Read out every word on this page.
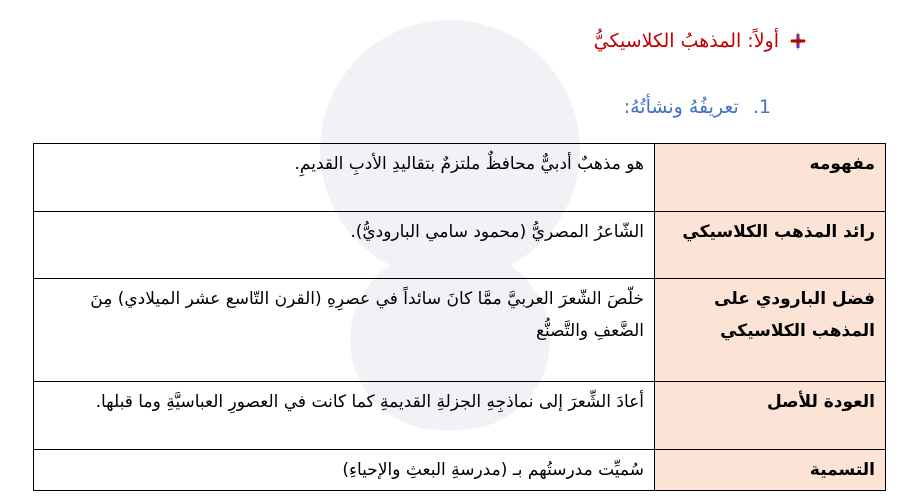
أولاً: المذهبُ الكلاسيكيُّ
1.
تعريفُهُ ونشأتُهُ:
مفهومه	هو مذهبٌ أدبيٌّ محافظٌ ملتزمٌ بتقاليدِ الأدبِ القديمِ.
رائد المذهب الكلاسيكي	الشّاعرُ المصريُّ (محمود سامي الباروديُّ).
فضل البارودي على المذهب الكلاسيكي	خلّصَ الشّعرَ العربيَّ ممَّا كانَ سائداً في عصرِهِ (القرن التّاسع عشر الميلادي) مِنَ الضَّعفِ والتَّصنُّع
العودة للأصل	أعادَ الشِّعرَ إلى نماذجِهِ الجزلةِ القديمةِ كما كانت في العصورِ العباسيَّةِ وما قبلها.
التسمية	سُميِّت مدرستُهم بـ (مدرسةِ البعثِ والإحياءِ)
